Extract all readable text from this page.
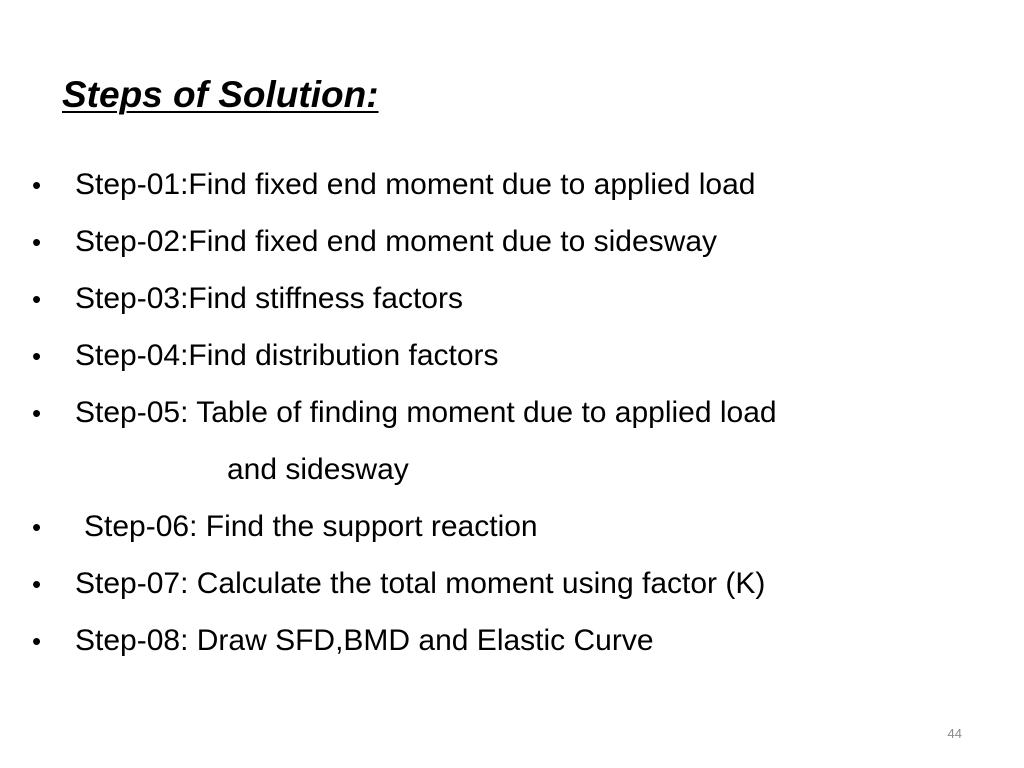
Steps of Solution:
•	Step-01:Find fixed end moment due to applied load
•	Step-02:Find fixed end moment due to sidesway
•	Step-03:Find stiffness factors
•	Step-04:Find distribution factors
•	Step-05: Table of finding moment due to applied load
•	Step-06: Find the support reaction
•	Step-07: Calculate the total moment using factor (K)
•	Step-08: Draw SFD,BMD and Elastic Curve
and sidesway
44
